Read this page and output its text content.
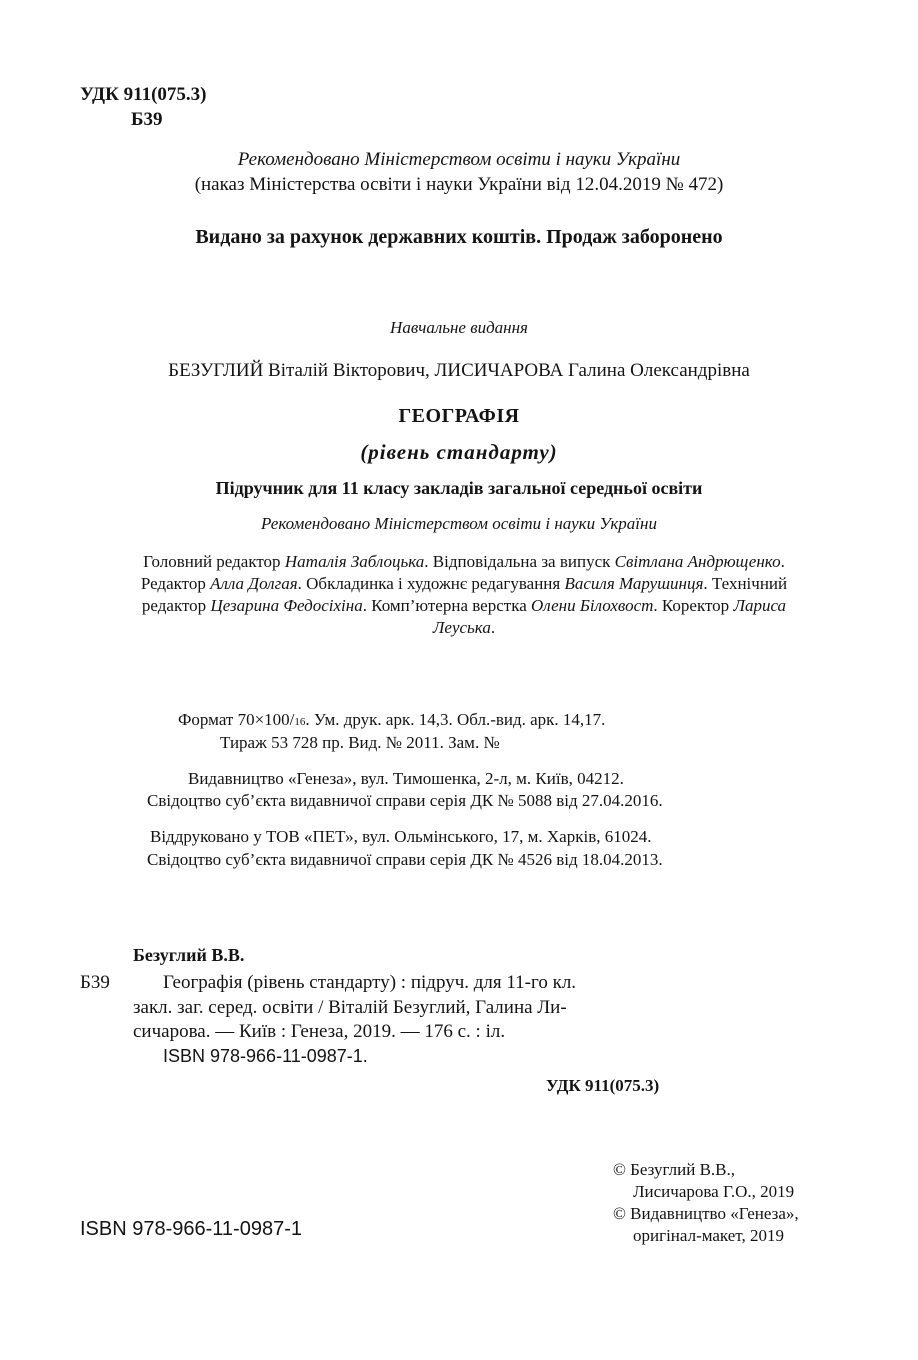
УДК 911(075.3)
Б39
Рекомендовано Міністерством освіти і науки України
(наказ Міністерства освіти і науки України від 12.04.2019 № 472)
Видано за рахунок державних коштів. Продаж заборонено
Навчальне видання
БЕЗУГЛИЙ Віталій Вікторович, ЛИСИЧАРОВА Галина Олександрівна
ГЕОГРАФІЯ
(рівень стандарту)
Підручник для 11 класу закладів загальної середньої освіти
Рекомендовано Міністерством освіти і науки України
Головний редактор Наталія Заблоцька. Відповідальна за випуск Світлана Андрющенко. Редактор Алла Долгая. Обкладинка і художнє редагування Василя Марушинця. Технічний редактор Цезарина Федосіхіна. Комп’ютерна верстка Олени Білохвост. Коректор Лариса Леуська.
Формат 70×100/16. Ум. друк. арк. 14,3. Обл.-вид. арк. 14,17.
Тираж 53 728 пр. Вид. № 2011. Зам. №
Видавництво «Генеза», вул. Тимошенка, 2-л, м. Київ, 04212.
Свідоцтво суб’єкта видавничої справи серія ДК № 5088 від 27.04.2016.
Віддруковано у ТОВ «ПЕТ», вул. Ольмінського, 17, м. Харків, 61024.
Свідоцтво суб’єкта видавничої справи серія ДК № 4526 від 18.04.2013.
Безуглий В.В.
Б39	Географія (рівень стандарту) : підруч. для 11-го кл.
закл. заг. серед. освіти / Віталій Безуглий, Галина Ли-
сичарова. — Київ : Генеза, 2019. — 176 с. : іл.
ISBN 978-966-11-0987-1.
УДК 911(075.3)
© Безуглий В.В.,
Лисичарова Г.О., 2019
© Видавництво «Генеза»,
оригінал-макет, 2019
ISBN 978-966-11-0987-1
